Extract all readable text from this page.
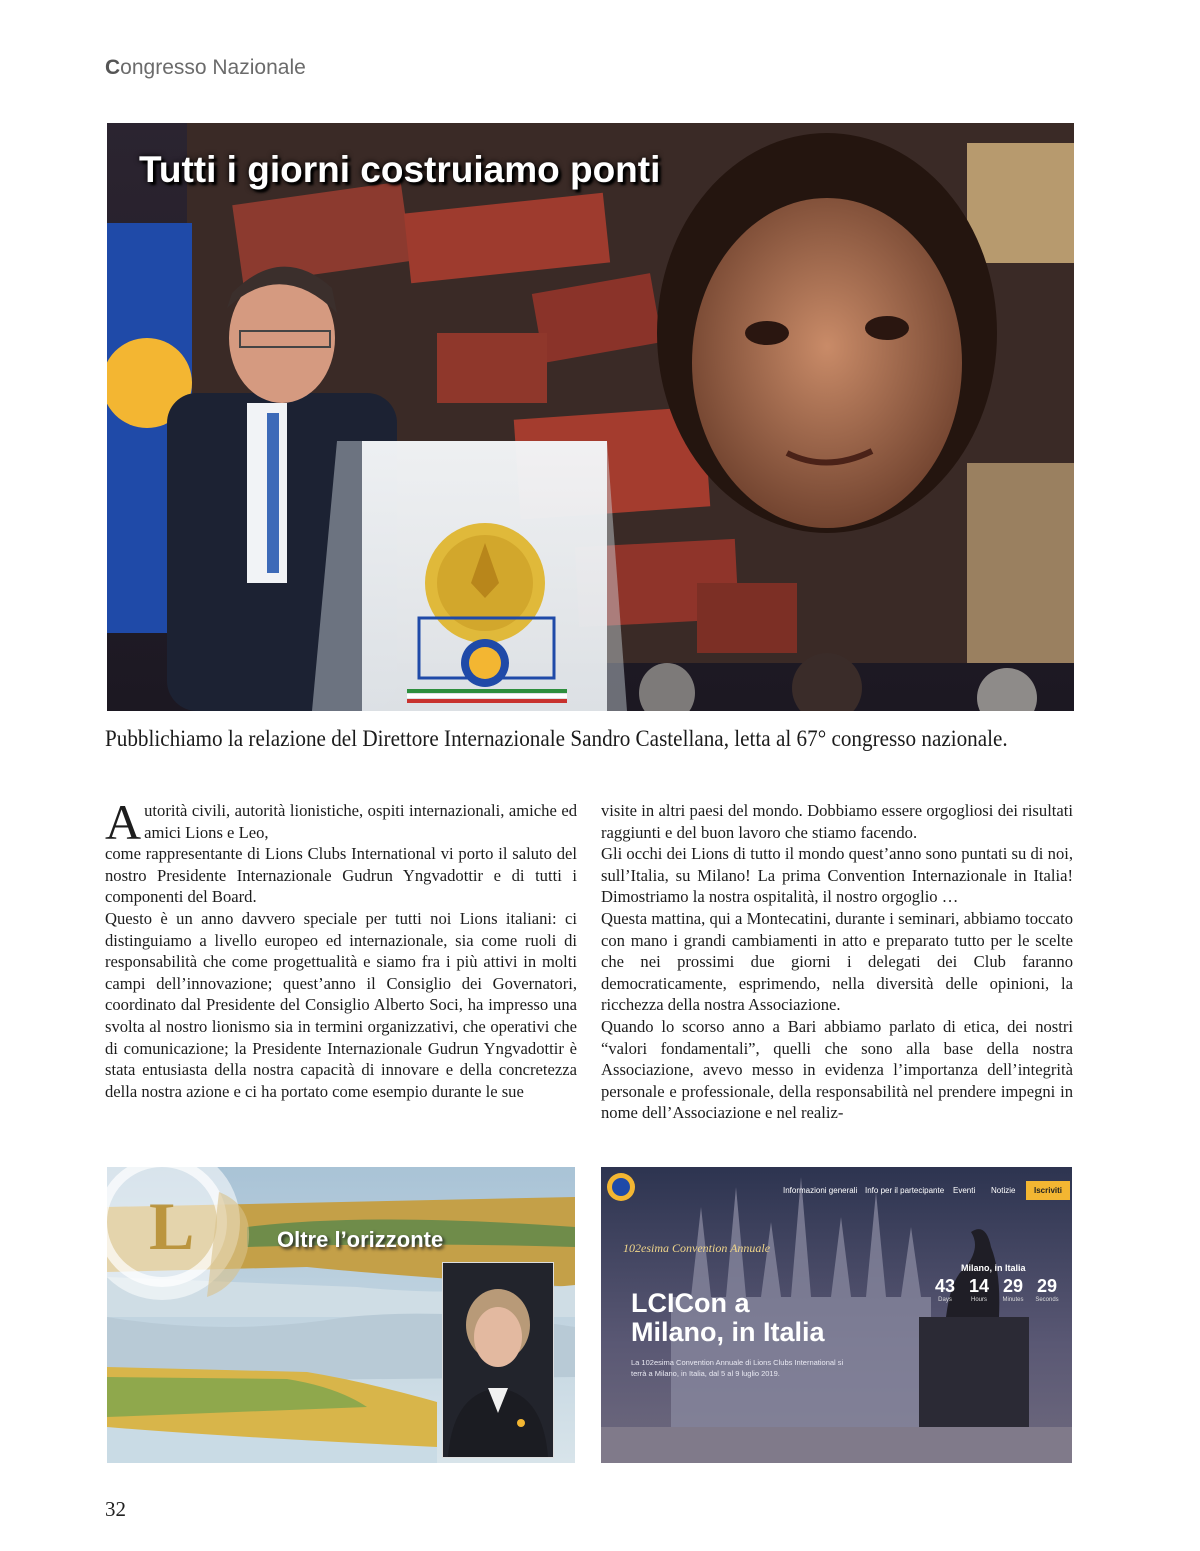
Congresso Nazionale
Tutti i giorni costruiamo ponti
Pubblichiamo la relazione del Direttore Internazionale Sandro Castellana, letta al 67° congresso nazionale.

Autorità civili, autorità lionistiche, ospiti internazionali, amiche ed amici Lions e Leo,

come rappresentante di Lions Clubs International vi porto il saluto del nostro Presidente Internazionale Gudrun Yngvadottir e di tutti i componenti del Board.

Questo è un anno davvero speciale per tutti noi Lions italiani: ci distinguiamo a livello europeo ed internazionale, sia come ruoli di responsabilità che come progettualità e siamo fra i più attivi in molti campi dell’innovazione; quest’anno il Consiglio dei Governatori, coordinato dal Presidente del Consiglio Alberto Soci, ha impresso una svolta al nostro lionismo sia in termini organizzativi, che operativi che di comunicazione; la Presidente Internazionale Gudrun Yngvadottir è stata entusiasta della nostra capacità di innovare e della concretezza della nostra azione e ci ha portato come esempio durante le sue

visite in altri paesi del mondo. Dobbiamo essere orgogliosi dei risultati raggiunti e del buon lavoro che stiamo facendo.

Gli occhi dei Lions di tutto il mondo quest’anno sono puntati su di noi, sull’Italia, su Milano! La prima Convention Internazionale in Italia! Dimostriamo la nostra ospitalità, il nostro orgoglio …

Questa mattina, qui a Montecatini, durante i seminari, abbiamo toccato con mano i grandi cambiamenti in atto e preparato tutto per le scelte che nei prossimi due giorni i delegati dei Club faranno democraticamente, esprimendo, nella diversità delle opinioni, la ricchezza della nostra Associazione.

Quando lo scorso anno a Bari abbiamo parlato di etica, dei nostri “valori fondamentali”, quelli che sono alla base della nostra Associazione, avevo messo in evidenza l’importanza dell’integrità personale e professionale, della responsabilità nel prendere impegni in nome dell’Associazione e nel realiz-

L	Oltre l’orizzonte
Informazioni generali Info per il partecipante Eventi Notizie	Iscriviti
102esima Convention Annuale
LCICon a
Milano, in Italia
La 102esima Convention Annuale di Lions Clubs International si terrà a Milano, in Italia, dal 5 al 9 luglio 2019.
Milano, in Italia
43
Days
14
Hours
29
Minutes
29
Seconds
32
